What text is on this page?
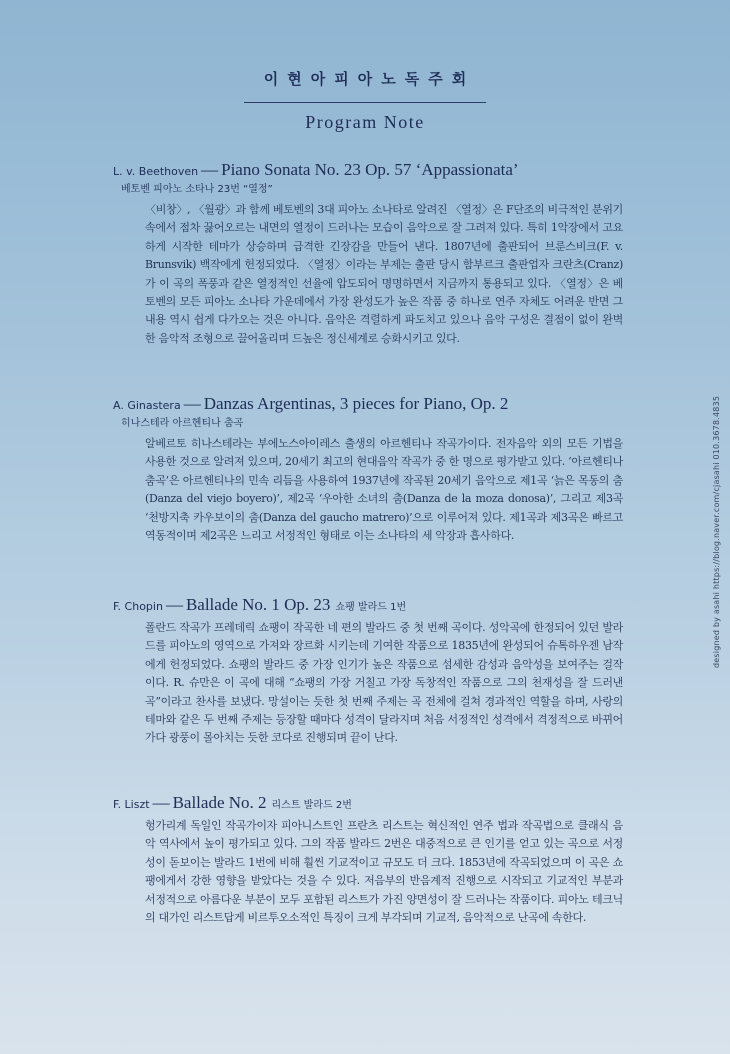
이현아피아노독주회
Program Note
L. v. Beethoven — Piano Sonata No. 23 Op. 57 ‘Appassionata’
베토벤 피아노 소타나 23번 “열정”
〈비창〉, 〈월광〉과 함께 베토벤의 3대 피아노 소나타로 알려진 〈열정〉은 F단조의 비극적인 분위기 속에서 점차 끓어오르는 내면의 열정이 드러나는 모습이 음악으로 잘 그려져 있다. 특히 1악장에서 고요하게 시작한 테마가 상승하며 급격한 긴장감을 만들어 낸다. 1807년에 출판되어 브룬스비크(F. v. Brunsvik) 백작에게 헌정되었다. 〈열정〉이라는 부제는 출판 당시 함부르크 출판업자 크란츠(Cranz)가 이 곡의 폭풍과 같은 열정적인 선율에 압도되어 명명하면서 지금까지 통용되고 있다. 〈열정〉은 베토벤의 모든 피아노 소나타 가운데에서 가장 완성도가 높은 작품 중 하나로 연주 자체도 어려운 반면 그 내용 역시 쉽게 다가오는 것은 아니다. 음악은 격렬하게 파도치고 있으나 음악 구성은 결점이 없이 완벽한 음악적 조형으로 끌어올리며 드높은 정신세계로 승화시키고 있다.
A. Ginastera — Danzas Argentinas, 3 pieces for Piano, Op. 2
히나스테라 아르헨티나 춤곡
알베르토 히나스테라는 부에노스아이레스 출생의 아르헨티나 작곡가이다. 전자음악 외의 모든 기법을 사용한 것으로 알려져 있으며, 20세기 최고의 현대음악 작곡가 중 한 명으로 평가받고 있다. ‘아르헨티나 춤곡’은 아르헨티나의 민속 리듬을 사용하여 1937년에 작곡된 20세기 음악으로 제1곡 ‘늙은 목동의 춤(Danza del viejo boyero)’, 제2곡 ‘우아한 소녀의 춤(Danza de la moza donosa)’, 그리고 제3곡 ‘천방지축 카우보이의 춤(Danza del gaucho matrero)’으로 이루어져 있다. 제1곡과 제3곡은 빠르고 역동적이며 제2곡은 느리고 서정적인 형태로 이는 소나타의 세 악장과 흡사하다.
F. Chopin — Ballade No. 1 Op. 23 쇼팽 발라드 1번
폴란드 작곡가 프레데릭 쇼팽이 작곡한 네 편의 발라드 중 첫 번째 곡이다. 성악곡에 한정되어 있던 발라드를 피아노의 영역으로 가져와 장르화 시키는데 기여한 작품으로 1835년에 완성되어 슈톡하우젠 남작에게 헌정되었다. 쇼팽의 발라드 중 가장 인기가 높은 작품으로 섬세한 감성과 음악성을 보여주는 걸작이다. R. 슈만은 이 곡에 대해 “쇼팽의 가장 거칠고 가장 독창적인 작품으로 그의 천재성을 잘 드러낸 곡”이라고 찬사를 보냈다. 망설이는 듯한 첫 번째 주제는 곡 전체에 걸쳐 경과적인 역할을 하며, 사랑의 테마와 같은 두 번째 주제는 등장할 때마다 성격이 달라지며 처음 서정적인 성격에서 격정적으로 바뀌어 가다 광풍이 몰아치는 듯한 코다로 진행되며 끝이 난다.
F. Liszt — Ballade No. 2 리스트 발라드 2번
헝가리계 독일인 작곡가이자 피아니스트인 프란츠 리스트는 혁신적인 연주 법과 작곡법으로 클래식 음악 역사에서 높이 평가되고 있다. 그의 작품 발라드 2번은 대중적으로 큰 인기를 얻고 있는 곡으로 서정성이 돋보이는 발라드 1번에 비해 훨씬 기교적이고 규모도 더 크다. 1853년에 작곡되었으며 이 곡은 쇼팽에게서 강한 영향을 받았다는 것을 수 있다. 저음부의 반음계적 진행으로 시작되고 기교적인 부분과 서정적으로 아름다운 부분이 모두 포함된 리스트가 가진 양면성이 잘 드러나는 작품이다. 피아노 테크닉의 대가인 리스트답게 비르투오소적인 특징이 크게 부각되며 기교적, 음악적으로 난곡에 속한다.
designed by asahi https://blog.naver.com/cjasahi 010.3678.4835
